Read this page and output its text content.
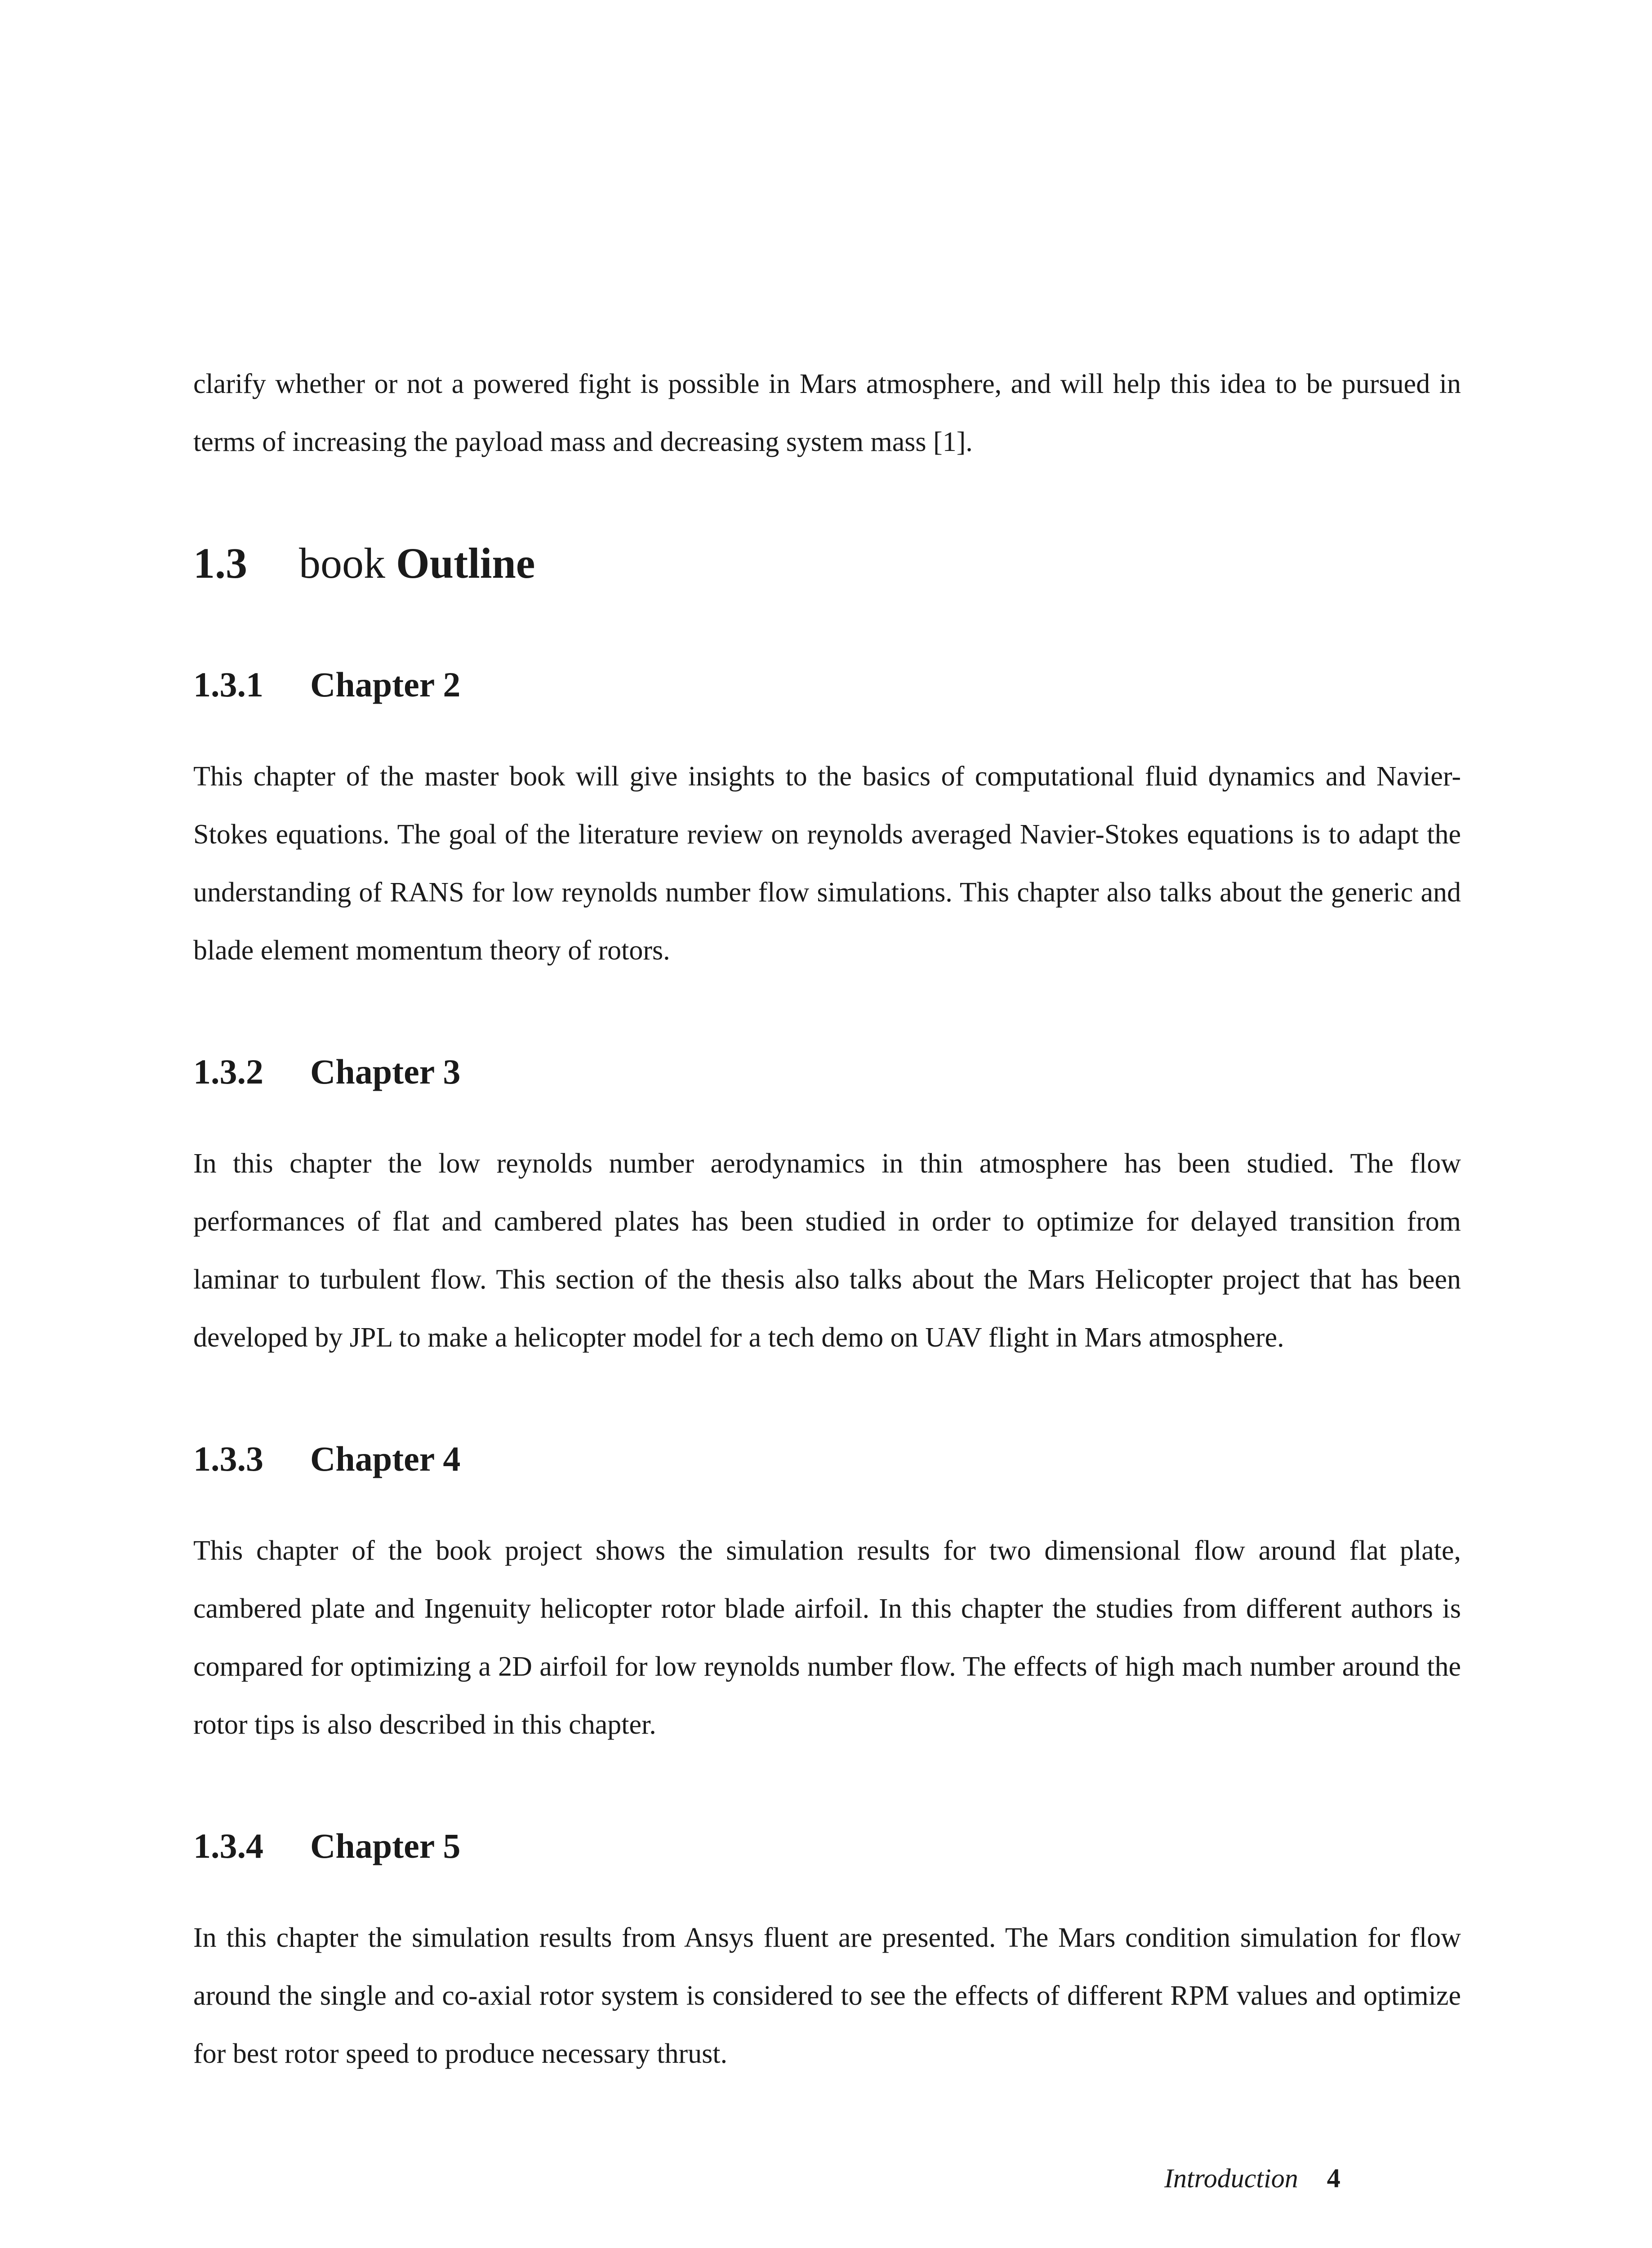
clarify whether or not a powered fight is possible in Mars atmosphere, and will help this idea to be pursued in terms of increasing the payload mass and decreasing system mass [1].

1.3 book Outline
1.3.1 Chapter 2

This chapter of the master book will give insights to the basics of computational fluid dynamics and Navier-Stokes equations. The goal of the literature review on reynolds averaged Navier-Stokes equations is to adapt the understanding of RANS for low reynolds number flow simulations. This chapter also talks about the generic and blade element momentum theory of rotors.

1.3.2 Chapter 3

In this chapter the low reynolds number aerodynamics in thin atmosphere has been studied. The flow performances of flat and cambered plates has been studied in order to optimize for delayed transition from laminar to turbulent flow. This section of the thesis also talks about the Mars Helicopter project that has been developed by JPL to make a helicopter model for a tech demo on UAV flight in Mars atmosphere.

1.3.3 Chapter 4

This chapter of the book project shows the simulation results for two dimensional flow around flat plate, cambered plate and Ingenuity helicopter rotor blade airfoil. In this chapter the studies from different authors is compared for optimizing a 2D airfoil for low reynolds number flow. The effects of high mach number around the rotor tips is also described in this chapter.

1.3.4 Chapter 5

In this chapter the simulation results from Ansys fluent are presented. The Mars condition simulation for flow around the single and co-axial rotor system is considered to see the effects of different RPM values and optimize for best rotor speed to produce necessary thrust.

Introduction 4
